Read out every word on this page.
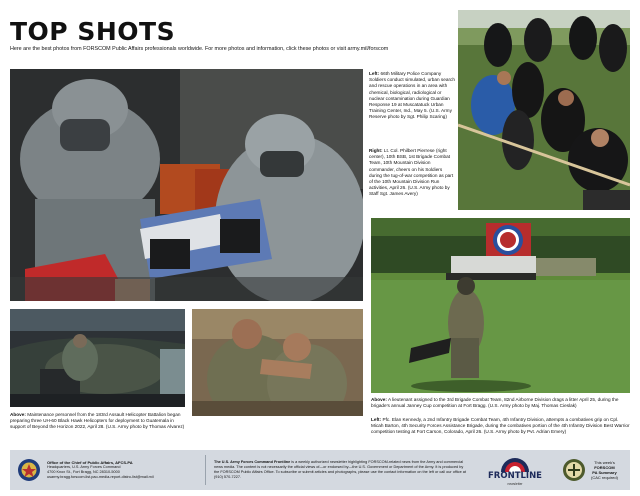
TOP SHOTS
Here are the best photos from FORSCOM Public Affairs professionals worldwide. For more photos and information, click these photos or visit army.mil/forscom
Left: 66th Military Police Company Soldiers conduct simulated, urban search and rescue operations in an area with chemical, biological, radiological or nuclear contamination during Guardian Response 19 at Muscatatuck Urban Training Center, Ind., May 5. (U.S. Army Reserve photo by Sgt. Philip Scaring)
Right: Lt. Col. Philbert Pierrese (right center), 10th BSB, 1st Brigade Combat Team, 10th Mountain Division commander, cheers on his Soldiers during the tug-of-war competition as part of the 10th Mountain Division Run activities, April 26. (U.S. Army photo by Staff Sgt. James Avery)
Above: A lieutenant assigned to the 3rd Brigade Combat Team, 82nd Airborne Division drags a litter April 25, during the brigade's annual Janney Cup competition at Fort Bragg. (U.S. Army photo by Maj. Thomas Cieslak)
Left: Pfc. Elan Kennedy, a 2nd Infantry Brigade Combat Team, 4th Infantry Division, attempts a combatives grip on Cpl. Micah Barton, 4th Security Forces Assistance Brigade, during the combatives portion of the 4th Infantry Division Best Warrior competition testing at Fort Carson, Colorado, April 26. (U.S. Army photo by Pvt. Adrian Emery)
Above: Maintenance personnel from the 183rd Assault Helicopter Battalion began preparing three UH-60 Black Hawk Helicopters for deployment to Guatemala in support of Beyond the Horizon 2022, April 28. (U.S. Army photo by Thomas Alvarez)
Office of the Chief of Public Affairs, AFCS-PA
Headquarters, U.S. Army Forces Command
4700 Knox St., Fort Bragg, NC 28310-5000
usarmy.bragg.forscom.list.pao-media-report-distro-list@mail.mil
The U.S. Army Forces Command Frontline is a weekly authorized newsletter highlighting FORSCOM-related news from the Army and commercial news media. The content is not necessarily the official views of—or endorsed by—the U.S. Government or Department of the Army. It is produced by the FORSCOM Public Affairs Office. To subscribe or submit articles and photographs, please use the contact information on the left or call our office at (910) 570-7227.	FRONTLINE
newsletter
This week's
FORSCOM
PA Summary
(CAC required)
